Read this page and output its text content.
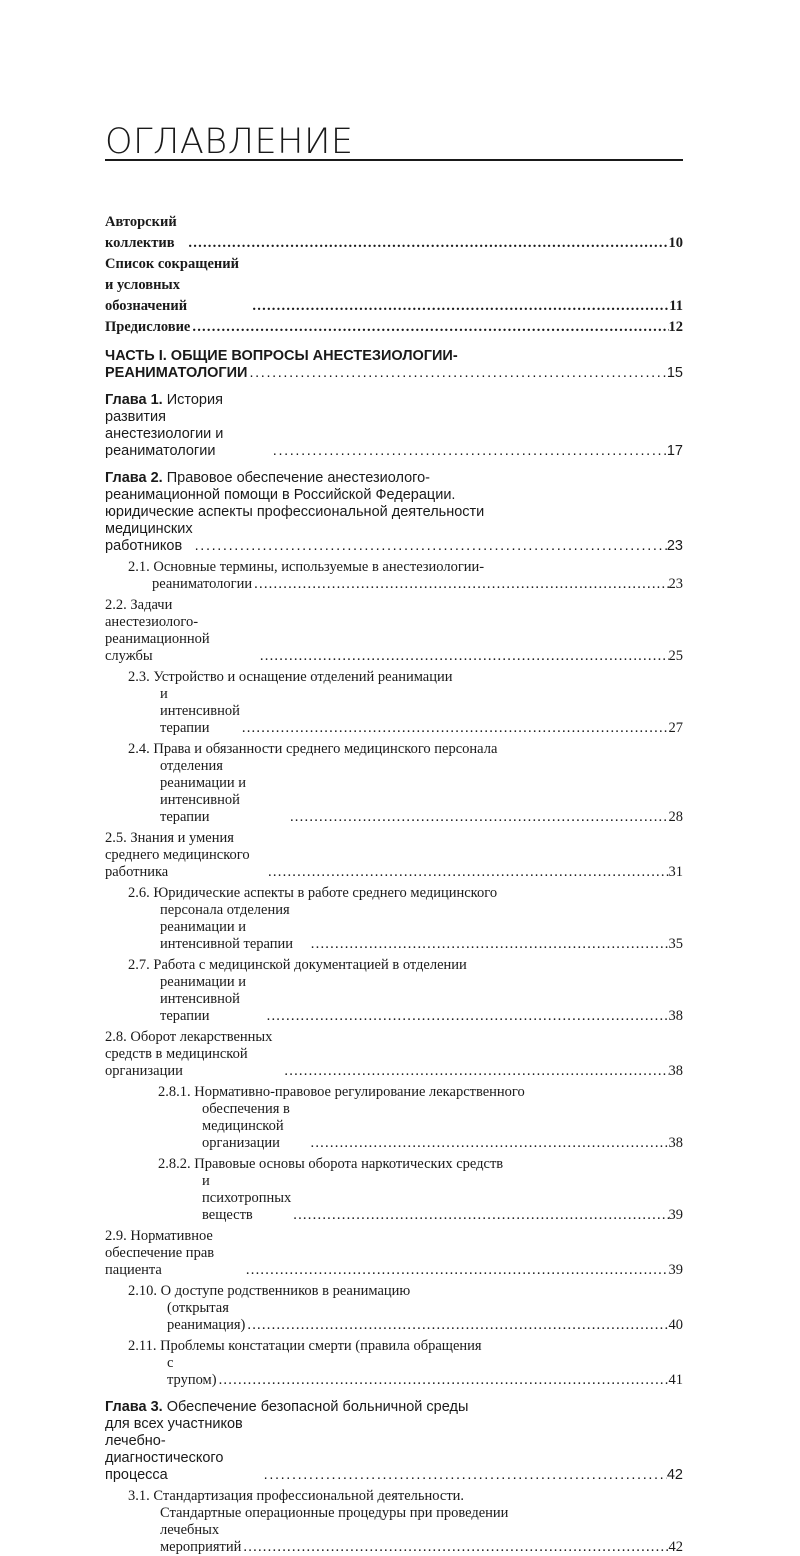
ОГЛАВЛЕНИЕ
Авторский коллектив . . .	10
Список сокращений и условных обозначений . . .	11
Предисловие . . .	12
ЧАСТЬ I. ОБЩИЕ ВОПРОСЫ АНЕСТЕЗИОЛОГИИ-
РЕАНИМАТОЛОГИИ . . .	15
Глава 1. История развития анестезиологии и реаниматологии . . .	17
Глава 2. Правовое обеспечение анестезиолого-
реанимационной помощи в Российской Федерации.
юридические аспекты профессиональной деятельности
медицинских работников . . .	23
2.1. Основные термины, используемые в анестезиологии-
реаниматологии . . .	23
2.2. Задачи анестезиолого-реанимационной службы . . .	25
2.3. Устройство и оснащение отделений реанимации
и интенсивной терапии . . .	27
2.4. Права и обязанности среднего медицинского персонала
отделения реанимации и интенсивной терапии . . .	28
2.5. Знания и умения среднего медицинского работника . . .	31
2.6. Юридические аспекты в работе среднего медицинского
персонала отделения реанимации и интенсивной терапии . . .	35
2.7. Работа с медицинской документацией в отделении
реанимации и интенсивной терапии . . .	38
2.8. Оборот лекарственных средств в медицинской организации . . .	38
2.8.1. Нормативно-правовое регулирование лекарственного
обеспечения в медицинской организации . . .	38
2.8.2. Правовые основы оборота наркотических средств
и психотропных веществ . . .	39
2.9. Нормативное обеспечение прав пациента . . .	39
2.10. О доступе родственников в реанимацию
(открытая реанимация) . . .	40
2.11. Проблемы констатации смерти (правила обращения
с трупом) . . .	41
Глава 3. Обеспечение безопасной больничной среды
для всех участников лечебно-диагностического процесса . . .	42
3.1. Стандартизация профессиональной деятельности.
Стандартные операционные процедуры при проведении
лечебных мероприятий . . .	42
